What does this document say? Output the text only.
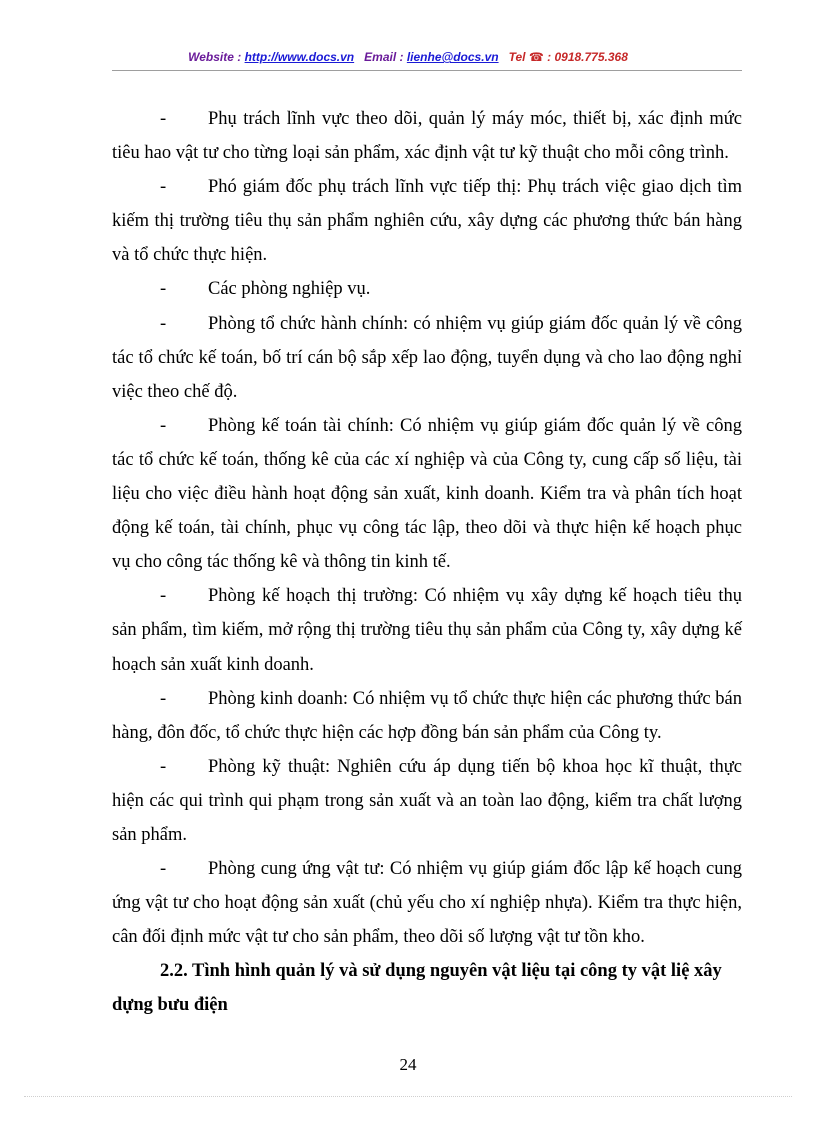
Website : http://www.docs.vn Email : lienhe@docs.vn Tel ☎ : 0918.775.368

- Phụ trách lĩnh vực theo dõi, quản lý máy móc, thiết bị, xác định mức tiêu hao vật tư cho từng loại sản phẩm, xác định vật tư kỹ thuật cho mỗi công trình.

- Phó giám đốc phụ trách lĩnh vực tiếp thị: Phụ trách việc giao dịch tìm kiếm thị trường tiêu thụ sản phẩm nghiên cứu, xây dựng các phương thức bán hàng và tổ chức thực hiện.

- Các phòng nghiệp vụ.

- Phòng tổ chức hành chính: có nhiệm vụ giúp giám đốc quản lý về công tác tổ chức kế toán, bố trí cán bộ sắp xếp lao động, tuyển dụng và cho lao động nghỉ việc theo chế độ.

- Phòng kế toán tài chính: Có nhiệm vụ giúp giám đốc quản lý về công tác tổ chức kế toán, thống kê của các xí nghiệp và của Công ty, cung cấp số liệu, tài liệu cho việc điều hành hoạt động sản xuất, kinh doanh. Kiểm tra và phân tích hoạt động kế toán, tài chính, phục vụ công tác lập, theo dõi và thực hiện kế hoạch phục vụ cho công tác thống kê và thông tin kinh tế.

- Phòng kế hoạch thị trường: Có nhiệm vụ xây dựng kế hoạch tiêu thụ sản phẩm, tìm kiếm, mở rộng thị trường tiêu thụ sản phẩm của Công ty, xây dựng kế hoạch sản xuất kinh doanh.

- Phòng kinh doanh: Có nhiệm vụ tổ chức thực hiện các phương thức bán hàng, đôn đốc, tổ chức thực hiện các hợp đồng bán sản phẩm của Công ty.

- Phòng kỹ thuật: Nghiên cứu áp dụng tiến bộ khoa học kĩ thuật, thực hiện các qui trình qui phạm trong sản xuất và an toàn lao động, kiểm tra chất lượng sản phẩm.

- Phòng cung ứng vật tư: Có nhiệm vụ giúp giám đốc lập kế hoạch cung ứng vật tư cho hoạt động sản xuất (chủ yếu cho xí nghiệp nhựa). Kiểm tra thực hiện, cân đối định mức vật tư cho sản phẩm, theo dõi số lượng vật tư tồn kho.

2.2. Tình hình quản lý và sử dụng nguyên vật liệu tại công ty vật liệ xây dựng bưu điện

24
